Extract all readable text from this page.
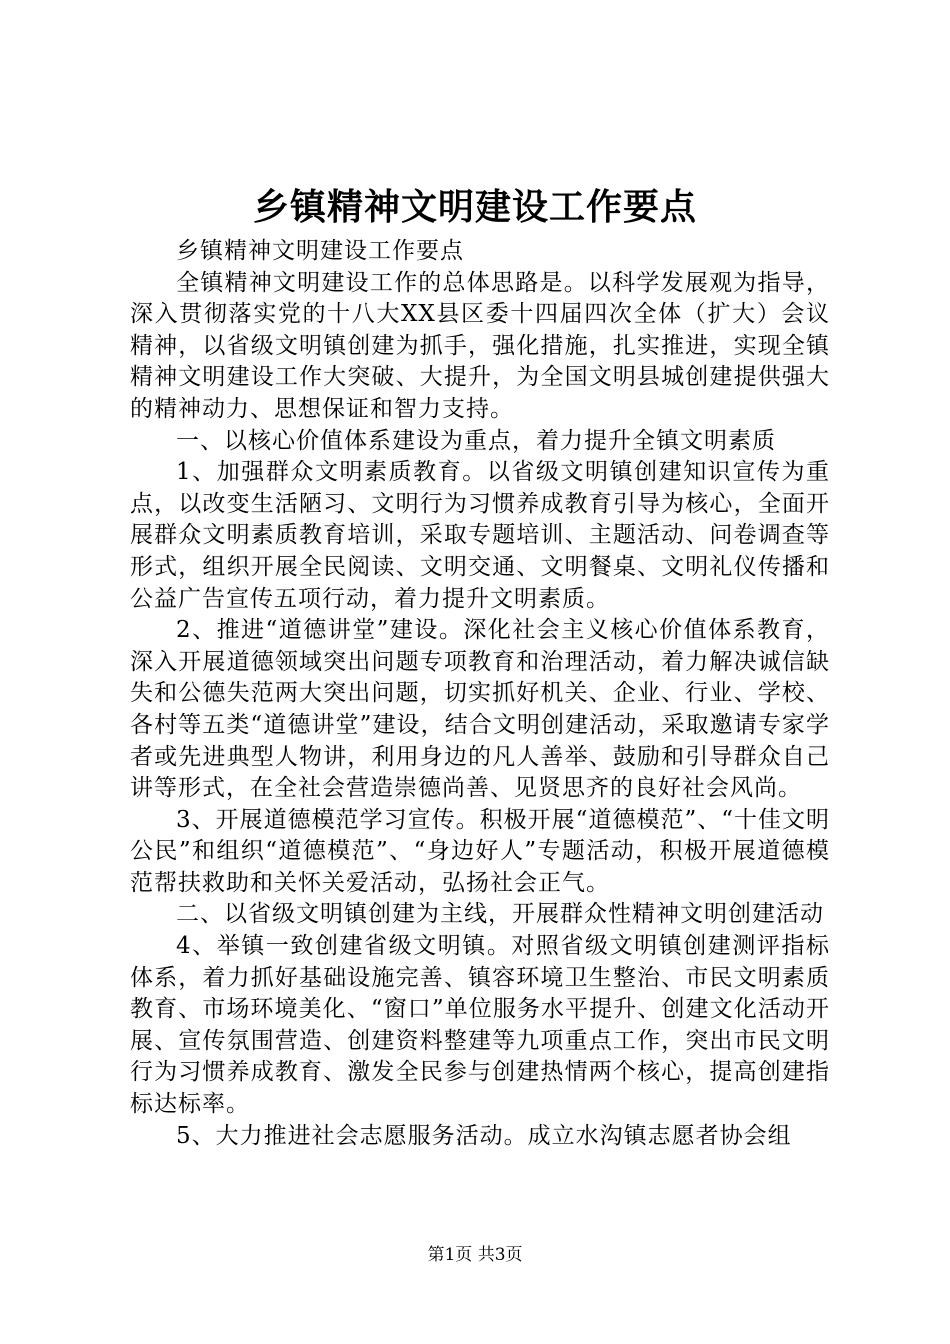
乡镇精神文明建设工作要点

乡镇精神文明建设工作要点

全镇精神文明建设工作的总体思路是。以科学发展观为指导，深入贯彻落实党的十八大XX县区委十四届四次全体（扩大）会议精神，以省级文明镇创建为抓手，强化措施，扎实推进，实现全镇精神文明建设工作大突破、大提升，为全国文明县城创建提供强大的精神动力、思想保证和智力支持。

一、以核心价值体系建设为重点，着力提升全镇文明素质

1、加强群众文明素质教育。以省级文明镇创建知识宣传为重点，以改变生活陋习、文明行为习惯养成教育引导为核心，全面开展群众文明素质教育培训，采取专题培训、主题活动、问卷调查等形式，组织开展全民阅读、文明交通、文明餐桌、文明礼仪传播和公益广告宣传五项行动，着力提升文明素质。

2、推进“道德讲堂”建设。深化社会主义核心价值体系教育，深入开展道德领域突出问题专项教育和治理活动，着力解决诚信缺失和公德失范两大突出问题，切实抓好机关、企业、行业、学校、各村等五类“道德讲堂”建设，结合文明创建活动，采取邀请专家学者或先进典型人物讲，利用身边的凡人善举、鼓励和引导群众自己讲等形式，在全社会营造崇德尚善、见贤思齐的良好社会风尚。

3、开展道德模范学习宣传。积极开展“道德模范”、“十佳文明公民”和组织“道德模范”、“身边好人”专题活动，积极开展道德模范帮扶救助和关怀关爱活动，弘扬社会正气。

二、以省级文明镇创建为主线，开展群众性精神文明创建活动

4、举镇一致创建省级文明镇。对照省级文明镇创建测评指标体系，着力抓好基础设施完善、镇容环境卫生整治、市民文明素质教育、市场环境美化、“窗口”单位服务水平提升、创建文化活动开展、宣传氛围营造、创建资料整建等九项重点工作，突出市民文明行为习惯养成教育、激发全民参与创建热情两个核心，提高创建指标达标率。

5、大力推进社会志愿服务活动。成立水沟镇志愿者协会组

第1页 共3页
